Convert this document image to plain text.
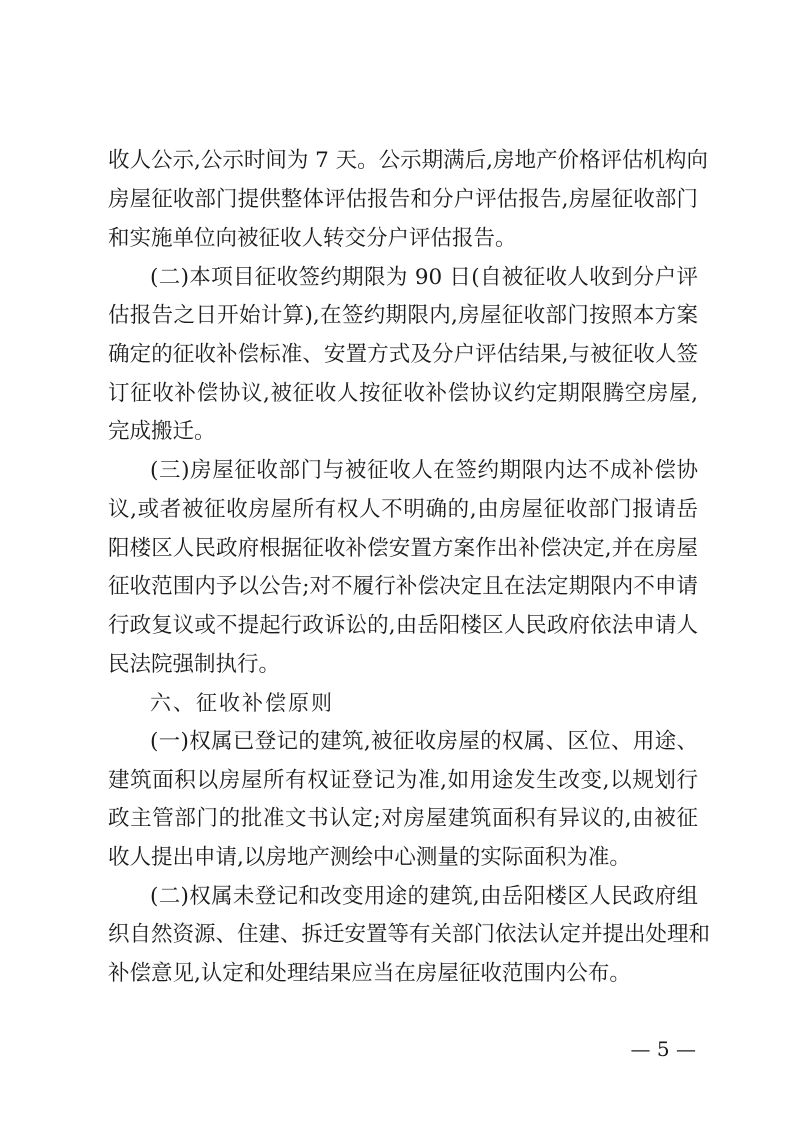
收人公示,公示时间为 7 天。公示期满后,房地产价格评估机构向
房屋征收部门提供整体评估报告和分户评估报告,房屋征收部门
和实施单位向被征收人转交分户评估报告。
(二)本项目征收签约期限为 90 日(自被征收人收到分户评
估报告之日开始计算),在签约期限内,房屋征收部门按照本方案
确定的征收补偿标准、安置方式及分户评估结果,与被征收人签
订征收补偿协议,被征收人按征收补偿协议约定期限腾空房屋,
完成搬迁。
(三)房屋征收部门与被征收人在签约期限内达不成补偿协
议,或者被征收房屋所有权人不明确的,由房屋征收部门报请岳
阳楼区人民政府根据征收补偿安置方案作出补偿决定,并在房屋
征收范围内予以公告;对不履行补偿决定且在法定期限内不申请
行政复议或不提起行政诉讼的,由岳阳楼区人民政府依法申请人
民法院强制执行。
六、征收补偿原则
(一)权属已登记的建筑,被征收房屋的权属、区位、用途、
建筑面积以房屋所有权证登记为准,如用途发生改变,以规划行
政主管部门的批准文书认定;对房屋建筑面积有异议的,由被征
收人提出申请,以房地产测绘中心测量的实际面积为准。
(二)权属未登记和改变用途的建筑,由岳阳楼区人民政府组
织自然资源、住建、拆迁安置等有关部门依法认定并提出处理和
补偿意见,认定和处理结果应当在房屋征收范围内公布。
— 5 —
